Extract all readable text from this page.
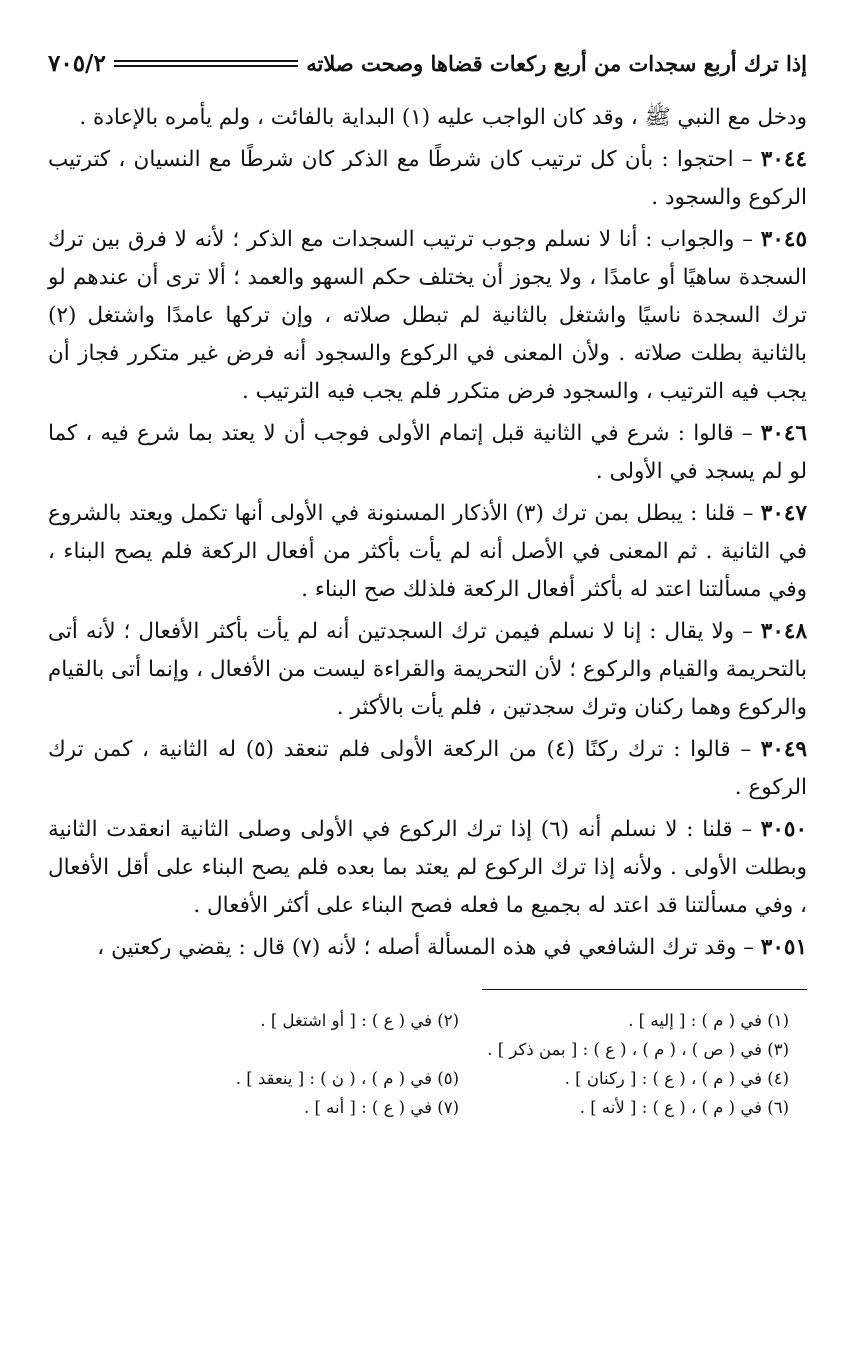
إذا ترك أربع سجدات من أربع ركعات قضاها وصحت صلاته
٧٠٥/٢

ودخل مع النبي ﷺ ، وقد كان الواجب عليه (١) البداية بالفائت ، ولم يأمره بالإعادة .

٣٠٤٤ – احتجوا : بأن كل ترتيب كان شرطًا مع الذكر كان شرطًا مع النسيان ، كترتيب الركوع والسجود .

٣٠٤٥ – والجواب : أنا لا نسلم وجوب ترتيب السجدات مع الذكر ؛ لأنه لا فرق بين ترك السجدة ساهيًا أو عامدًا ، ولا يجوز أن يختلف حكم السهو والعمد ؛ ألا ترى أن عندهم لو ترك السجدة ناسيًا واشتغل بالثانية لم تبطل صلاته ، وإن تركها عامدًا واشتغل (٢) بالثانية بطلت صلاته . ولأن المعنى في الركوع والسجود أنه فرض غير متكرر فجاز أن يجب فيه الترتيب ، والسجود فرض متكرر فلم يجب فيه الترتيب .

٣٠٤٦ – قالوا : شرع في الثانية قبل إتمام الأولى فوجب أن لا يعتد بما شرع فيه ، كما لو لم يسجد في الأولى .

٣٠٤٧ – قلنا : يبطل بمن ترك (٣) الأذكار المسنونة في الأولى أنها تكمل ويعتد بالشروع في الثانية . ثم المعنى في الأصل أنه لم يأت بأكثر من أفعال الركعة فلم يصح البناء ، وفي مسألتنا اعتد له بأكثر أفعال الركعة فلذلك صح البناء .

٣٠٤٨ – ولا يقال : إنا لا نسلم فيمن ترك السجدتين أنه لم يأت بأكثر الأفعال ؛ لأنه أتى بالتحريمة والقيام والركوع ؛ لأن التحريمة والقراءة ليست من الأفعال ، وإنما أتى بالقيام والركوع وهما ركنان وترك سجدتين ، فلم يأت بالأكثر .

٣٠٤٩ – قالوا : ترك ركنًا (٤) من الركعة الأولى فلم تنعقد (٥) له الثانية ، كمن ترك الركوع .

٣٠٥٠ – قلنا : لا نسلم أنه (٦) إذا ترك الركوع في الأولى وصلى الثانية انعقدت الثانية وبطلت الأولى . ولأنه إذا ترك الركوع لم يعتد بما بعده فلم يصح البناء على أقل الأفعال ، وفي مسألتنا قد اعتد له بجميع ما فعله فصح البناء على أكثر الأفعال .

٣٠٥١ – وقد ترك الشافعي في هذه المسألة أصله ؛ لأنه (٧) قال : يقضي ركعتين ،

(١) في ( م ) : [ إليه ] .
(٢) في ( ع ) : [ أو اشتغل ] .
(٣) في ( ص ) ، ( م ) ، ( ع ) : [ بمن ذكر ] .
(٤) في ( م ) ، ( ع ) : [ ركنان ] .
(٥) في ( م ) ، ( ن ) : [ ينعقد ] .
(٦) في ( م ) ، ( ع ) : [ لأنه ] .
(٧) في ( ع ) : [ أنه ] .
